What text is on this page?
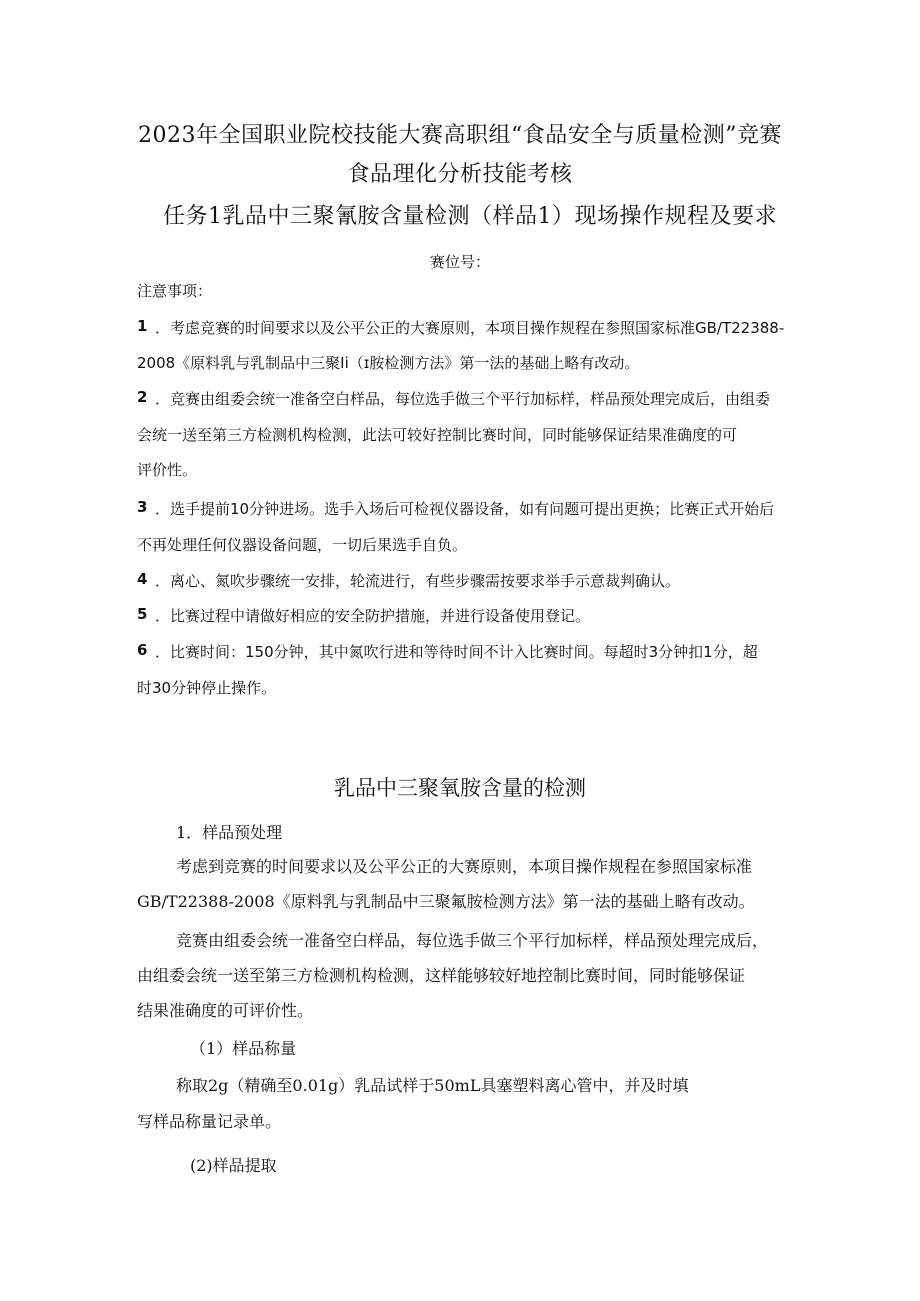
2023年全国职业院校技能大赛高职组“食品安全与质量检测”竞赛
食品理化分析技能考核
任务1乳品中三聚氰胺含量检测（样品1）现场操作规程及要求
赛位号：
注意事项：
1 ．考虑竞赛的时间要求以及公平公正的大赛原则，本项目操作规程在参照国家标准GB/T22388-
2008《原料乳与乳制品中三聚Ii（ɪ胺检测方法》第一法的基础上略有改动。
2 ．竞赛由组委会统一准备空白样品，每位选手做三个平行加标样，样品预处理完成后，由组委
会统一送至第三方检测机构检测，此法可较好控制比赛时间，同时能够保证结果准确度的可
评价性。
3 ．选手提前10分钟进场。选手入场后可检视仪器设备，如有问题可提出更换；比赛正式开始后
不再处理任何仪器设备问题，一切后果选手自负。
4 ．离心、氮吹步骤统一安排，轮流进行，有些步骤需按要求举手示意裁判确认。
5 ．比赛过程中请做好相应的安全防护措施，并进行设备使用登记。
6 ．比赛时间：150分钟，其中氮吹行进和等待时间不计入比赛时间。每超时3分钟扣1分，超
时30分钟停止操作。
乳品中三聚氧胺含量的检测
1．样品预处理
考虑到竞赛的时间要求以及公平公正的大赛原则，本项目操作规程在参照国家标准
GB/T22388-2008《原料乳与乳制品中三聚氟胺检测方法》第一法的基础上略有改动。
竞赛由组委会统一准备空白样品，每位选手做三个平行加标样，样品预处理完成后，
由组委会统一送至第三方检测机构检测，这样能够较好地控制比赛时间，同时能够保证
结果准确度的可评价性。
（1）样品称量
称取2g（精确至0.01g）乳品试样于50mL具塞塑料离心管中，并及时填
写样品称量记录单。
(2)样品提取
